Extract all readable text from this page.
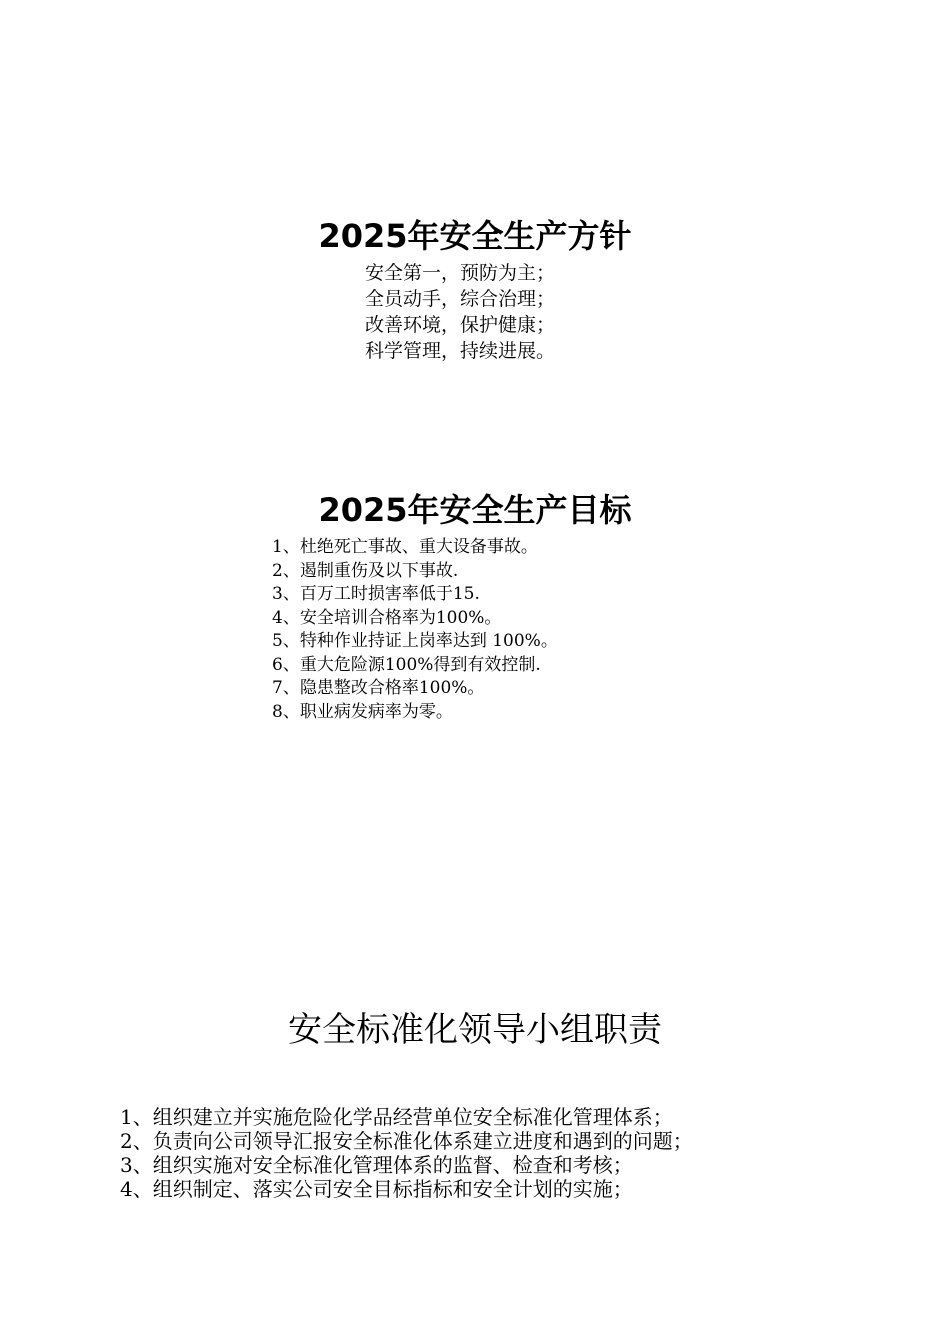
2025年安全生产方针
安全第一，预防为主；
全员动手，综合治理；
改善环境，保护健康；
科学管理，持续进展。
2025年安全生产目标
1、杜绝死亡事故、重大设备事故。
2、遏制重伤及以下事故.
3、百万工时损害率低于15.
4、安全培训合格率为100%。
5、特种作业持证上岗率达到 100%。
6、重大危险源100%得到有效控制.
7、隐患整改合格率100%。
8、职业病发病率为零。
安全标准化领导小组职责
1、组织建立并实施危险化学品经营单位安全标准化管理体系；
2、负责向公司领导汇报安全标准化体系建立进度和遇到的问题；
3、组织实施对安全标准化管理体系的监督、检查和考核；
4、组织制定、落实公司安全目标指标和安全计划的实施；
